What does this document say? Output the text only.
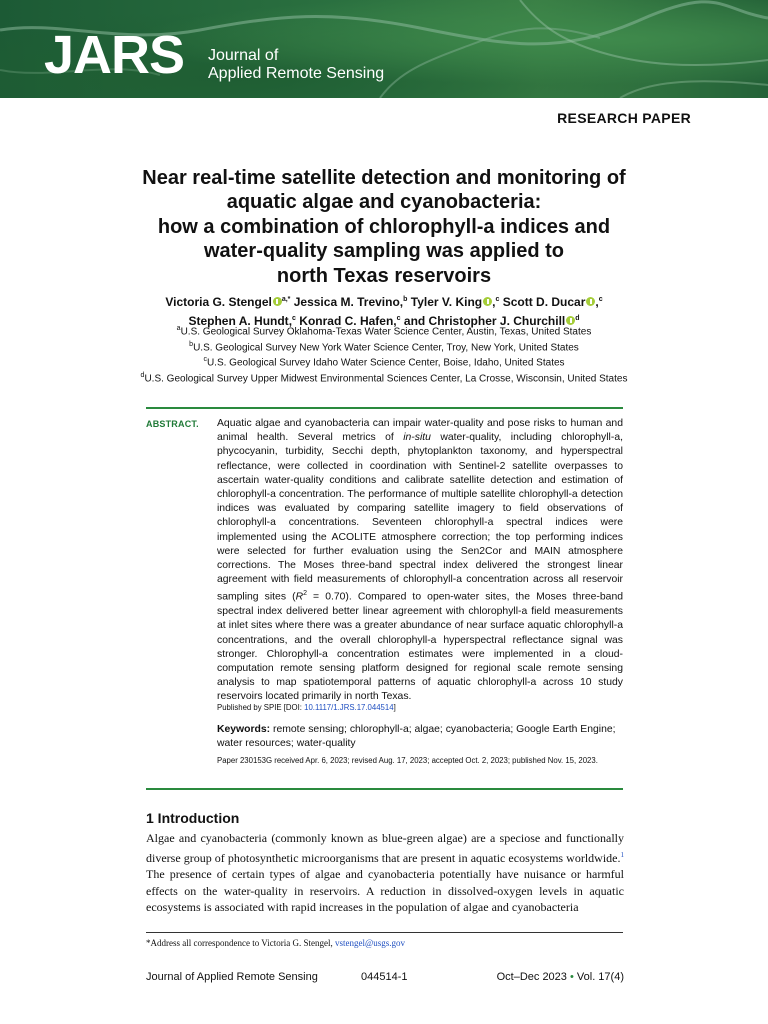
JARS Journal of
Applied Remote Sensing
RESEARCH PAPER
Near real-time satellite detection and monitoring of
aquatic algae and cyanobacteria:
how a combination of chlorophyll-a indices and
water-quality sampling was applied to
north Texas reservoirs
Victoria G. Stengel $^{a,*}$ Jessica M. Trevino,$^b$ Tyler V. King ,$^c$ Scott D. Ducar ,$^c$
Stephen A. Hundt,$^c$ Konrad C. Hafen,$^c$ and Christopher J. Churchill $^d$
$^a$U.S. Geological Survey Oklahoma-Texas Water Science Center, Austin, Texas, United States
$^b$U.S. Geological Survey New York Water Science Center, Troy, New York, United States
$^c$U.S. Geological Survey Idaho Water Science Center, Boise, Idaho, United States
$^d$U.S. Geological Survey Upper Midwest Environmental Sciences Center, La Crosse, Wisconsin, United States
ABSTRACT. Aquatic algae and cyanobacteria can impair water-quality and pose risks to human and animal health. Several metrics of in-situ water-quality, including chlorophyll-a, phycocyanin, turbidity, Secchi depth, phytoplankton taxonomy, and hyperspectral reflectance, were collected in coordination with Sentinel-2 satellite overpasses to ascertain water-quality conditions and calibrate satellite detection and estimation of chlorophyll-a concentration. The performance of multiple satellite chlorophyll-a detection indices was evaluated by comparing satellite imagery to field observations of chlorophyll-a concentrations. Seventeen chlorophyll-a spectral indices were implemented using the ACOLITE atmosphere correction; the top performing indices were selected for further evaluation using the Sen2Cor and MAIN atmosphere corrections. The Moses three-band spectral index delivered the strongest linear agreement with field measurements of chlorophyll-a concentration across all reservoir sampling sites $(R^2 = 0.70)$. Compared to open-water sites, the Moses three-band spectral index delivered better linear agreement with chlorophyll-a field measurements at inlet sites where there was a greater abundance of near surface aquatic chlorophyll-a concentrations, and the overall chlorophyll-a hyperspectral reflectance signal was stronger. Chlorophyll-a concentration estimates were implemented in a cloud-computation remote sensing platform designed for regional scale remote sensing analysis to map spatiotemporal patterns of aquatic chlorophyll-a across 10 study reservoirs located primarily in north Texas.

Published by SPIE [DOI: 10.1117/1.JRS.17.044514]
Keywords: remote sensing; chlorophyll-a; algae; cyanobacteria; Google Earth Engine; water resources; water-quality
Paper 230153G received Apr. 6, 2023; revised Aug. 17, 2023; accepted Oct. 2, 2023; published Nov. 15, 2023.
1 Introduction

Algae and cyanobacteria (commonly known as blue-green algae) are a speciose and functionally diverse group of photosynthetic microorganisms that are present in aquatic ecosystems worldwide.$^1$ The presence of certain types of algae and cyanobacteria potentially have nuisance or harmful effects on the water-quality in reservoirs. A reduction in dissolved-oxygen levels in aquatic ecosystems is associated with rapid increases in the population of algae and cyanobacteria

*Address all correspondence to Victoria G. Stengel, vstengel@usgs.gov
Journal of Applied Remote Sensing	044514-1	Oct–Dec 2023 • Vol. 17(4)
